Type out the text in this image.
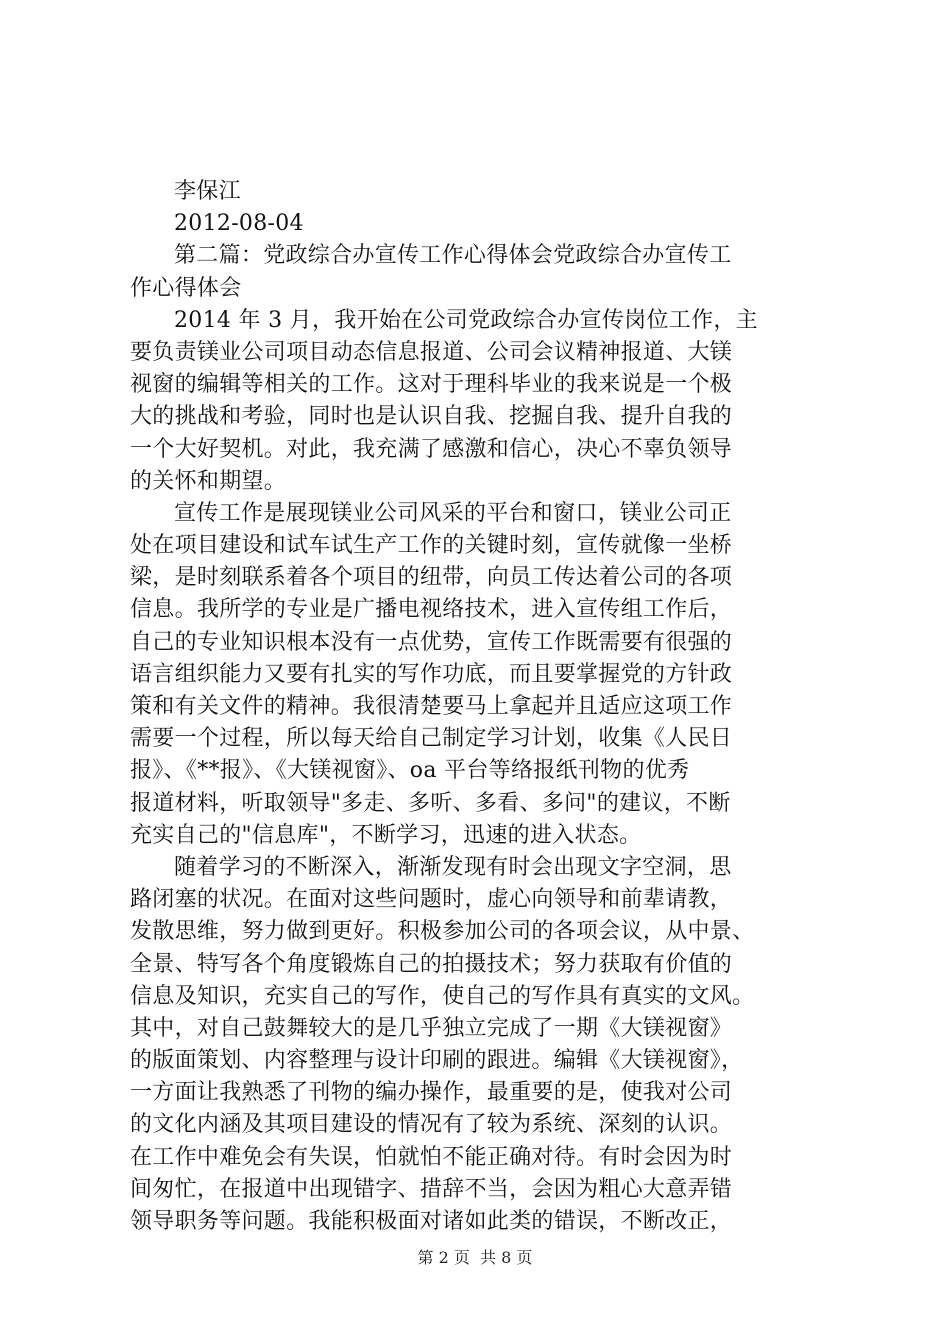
李保江
2012-08-04
第二篇：党政综合办宣传工作心得体会党政综合办宣传工
作心得体会
2014 年 3 月，我开始在公司党政综合办宣传岗位工作，主
要负责镁业公司项目动态信息报道、公司会议精神报道、大镁
视窗的编辑等相关的工作。这对于理科毕业的我来说是一个极
大的挑战和考验，同时也是认识自我、挖掘自我、提升自我的
一个大好契机。对此，我充满了感激和信心，决心不辜负领导
的关怀和期望。
宣传工作是展现镁业公司风采的平台和窗口，镁业公司正
处在项目建设和试车试生产工作的关键时刻，宣传就像一坐桥
梁，是时刻联系着各个项目的纽带，向员工传达着公司的各项
信息。我所学的专业是广播电视络技术，进入宣传组工作后，
自己的专业知识根本没有一点优势，宣传工作既需要有很强的
语言组织能力又要有扎实的写作功底，而且要掌握党的方针政
策和有关文件的精神。我很清楚要马上拿起并且适应这项工作
需要一个过程，所以每天给自己制定学习计划，收集《人民日
报》、《**报》、《大镁视窗》、oa 平台等络报纸刊物的优秀
报道材料，听取领导"多走、多听、多看、多问"的建议，不断
充实自己的"信息库"，不断学习，迅速的进入状态。
随着学习的不断深入，渐渐发现有时会出现文字空洞，思
路闭塞的状况。在面对这些问题时，虚心向领导和前辈请教，
发散思维，努力做到更好。积极参加公司的各项会议，从中景、
全景、特写各个角度锻炼自己的拍摄技术；努力获取有价值的
信息及知识，充实自己的写作，使自己的写作具有真实的文风。
其中，对自己鼓舞较大的是几乎独立完成了一期《大镁视窗》
的版面策划、内容整理与设计印刷的跟进。编辑《大镁视窗》，
一方面让我熟悉了刊物的编办操作，最重要的是，使我对公司
的文化内涵及其项目建设的情况有了较为系统、深刻的认识。
在工作中难免会有失误，怕就怕不能正确对待。有时会因为时
间匆忙，在报道中出现错字、措辞不当，会因为粗心大意弄错
领导职务等问题。我能积极面对诸如此类的错误，不断改正，
第 2 页  共 8 页
